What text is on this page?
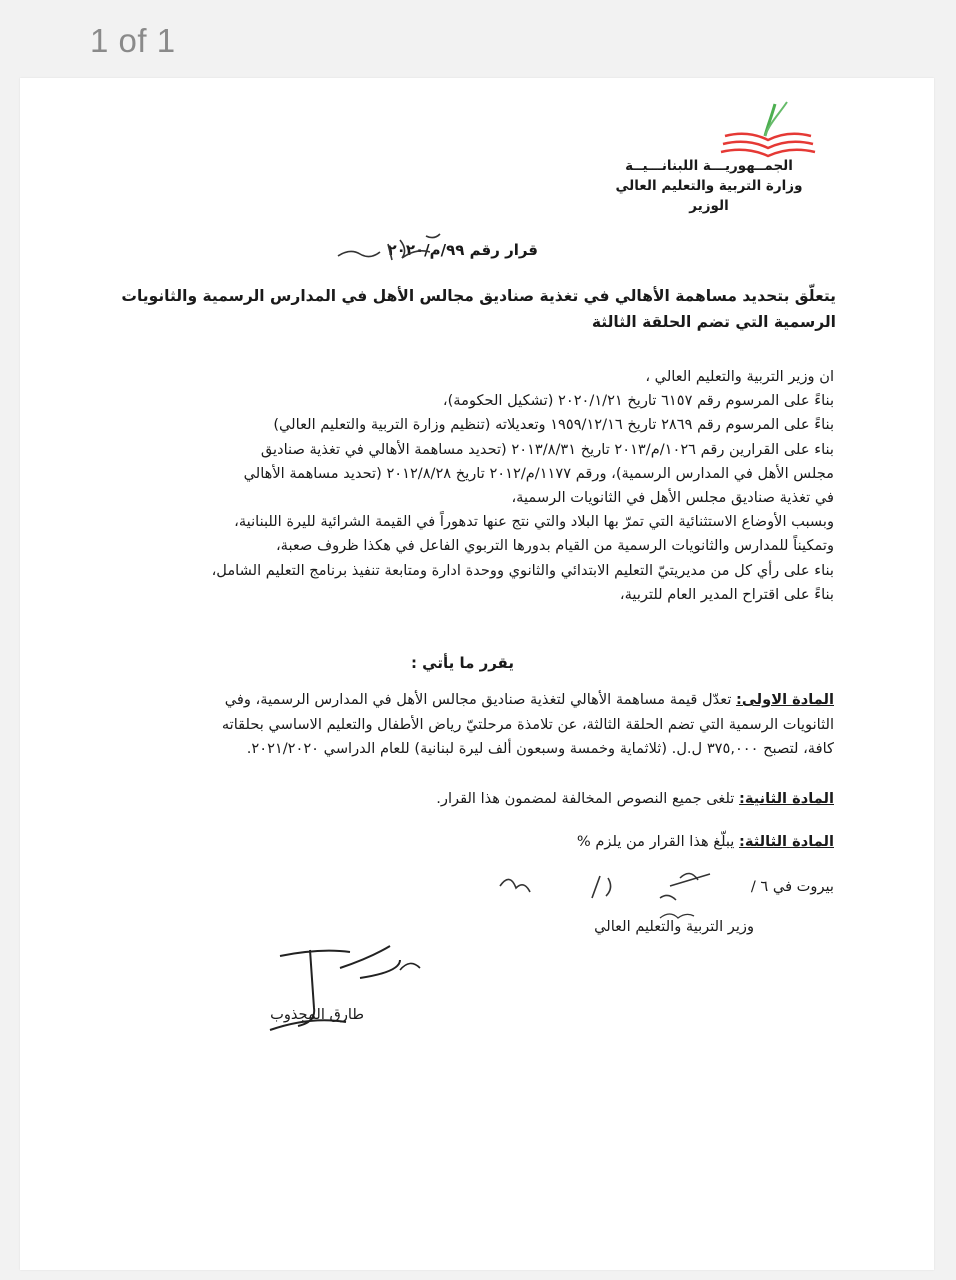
1 of 1
الجمــهوريـــة اللبنانـــيــة
وزارة التربية والتعليم العالي
الوزير
قرار رقم ٩٩/م/٢٠٢٠
يتعلّق بتحديد مساهمة الأهالي في تغذية صناديق مجالس الأهل في المدارس الرسمية والثانويات
الرسمية التي تضم الحلقة الثالثة
ان وزير التربية والتعليم العالي ،
بناءً على المرسوم رقم ٦١٥٧ تاريخ ٢٠٢٠/١/٢١ (تشكيل الحكومة)،
بناءً على المرسوم رقم ٢٨٦٩ تاريخ ١٩٥٩/١٢/١٦ وتعديلاته (تنظيم وزارة التربية والتعليم العالي)
بناء على القرارين رقم ١٠٢٦/م/٢٠١٣ تاريخ ٢٠١٣/٨/٣١ (تحديد مساهمة الأهالي في تغذية صناديق
مجلس الأهل في المدارس الرسمية)، ورقم ١١٧٧/م/٢٠١٢ تاريخ ٢٠١٢/٨/٢٨ (تحديد مساهمة الأهالي
في تغذية صناديق مجلس الأهل في الثانويات الرسمية،
وبسبب الأوضاع الاستثنائية التي تمرّ بها البلاد والتي نتج عنها تدهوراً في القيمة الشرائية لليرة اللبنانية،
وتمكيناً للمدارس والثانويات الرسمية من القيام بدورها التربوي الفاعل في هكذا ظروف صعبة،
بناء على رأي كل من مديريتيّ التعليم الابتدائي والثانوي ووحدة ادارة ومتابعة تنفيذ برنامج التعليم الشامل،
بناءً على اقتراح المدير العام للتربية،
يقرر ما يأتي :
المادة الاولى: تعدّل قيمة مساهمة الأهالي لتغذية صناديق مجالس الأهل في المدارس الرسمية، وفي
الثانويات الرسمية التي تضم الحلقة الثالثة، عن تلامذة مرحلتيّ رياض الأطفال والتعليم الاساسي بحلقاته
كافة، لتصبح ٣٧٥,٠٠٠ ل.ل. (ثلاثماية وخمسة وسبعون ألف ليرة لبنانية) للعام الدراسي ٢٠٢١/٢٠٢٠.
المادة الثانية: تلغى جميع النصوص المخالفة لمضمون هذا القرار.
المادة الثالثة: يبلّغ هذا القرار من يلزم %
بيروت في ٦ /
وزير التربية والتعليم العالي
طارق المجذوب
